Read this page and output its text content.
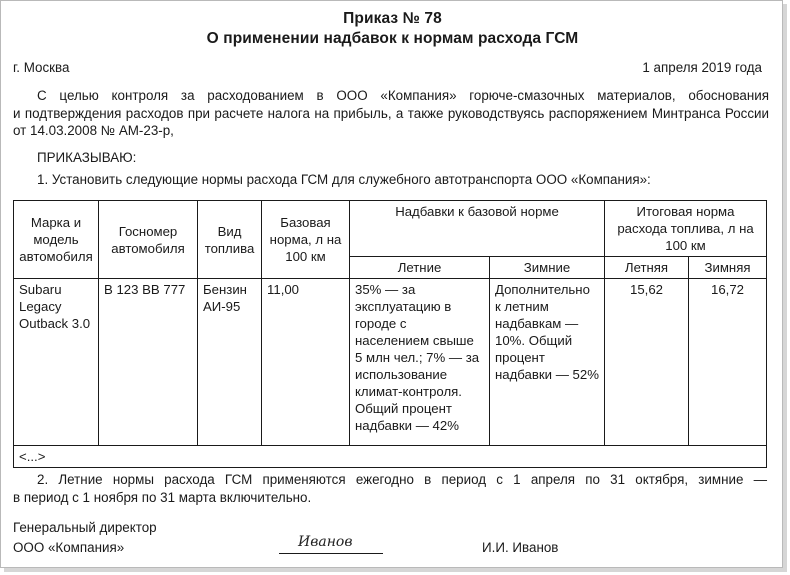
Приказ № 78
О применении надбавок к нормам расхода ГСМ
г. Москва	1 апреля 2019 года
С целью контроля за расходованием в ООО «Компания» горюче-смазочных материалов, обоснования
и подтверждения расходов при расчете налога на прибыль, а также руководствуясь распоряжением Минтранса России
от 14.03.2008 № АМ-23-р,
ПРИКАЗЫВАЮ:
1. Установить следующие нормы расхода ГСМ для служебного автотранспорта ООО «Компания»:
Марка и модель автомобиля	Госномер автомобиля	Вид топлива	Базовая норма, л на 100 км	Надбавки к базовой норме		Итоговая норма расхода топлива, л на 100 км	
				Летние	Зимние	Летняя	Зимняя
Subaru Legacy Outback 3.0	В 123 ВВ 777	Бензин АИ-95	11,00	35% — за эксплуатацию в городе с населением свыше 5 млн чел.; 7% — за использование климат-контроля. Общий процент надбавки — 42%	Дополнительно к летним надбавкам — 10%. Общий процент надбавки — 52%	15,62	16,72
<...>							
2. Летние нормы расхода ГСМ применяются ежегодно в период с 1 апреля по 31 октября, зимние —
в период с 1 ноября по 31 марта включительно.
Генеральный директор
ООО «Компания»	Иванов	И.И. Иванов
